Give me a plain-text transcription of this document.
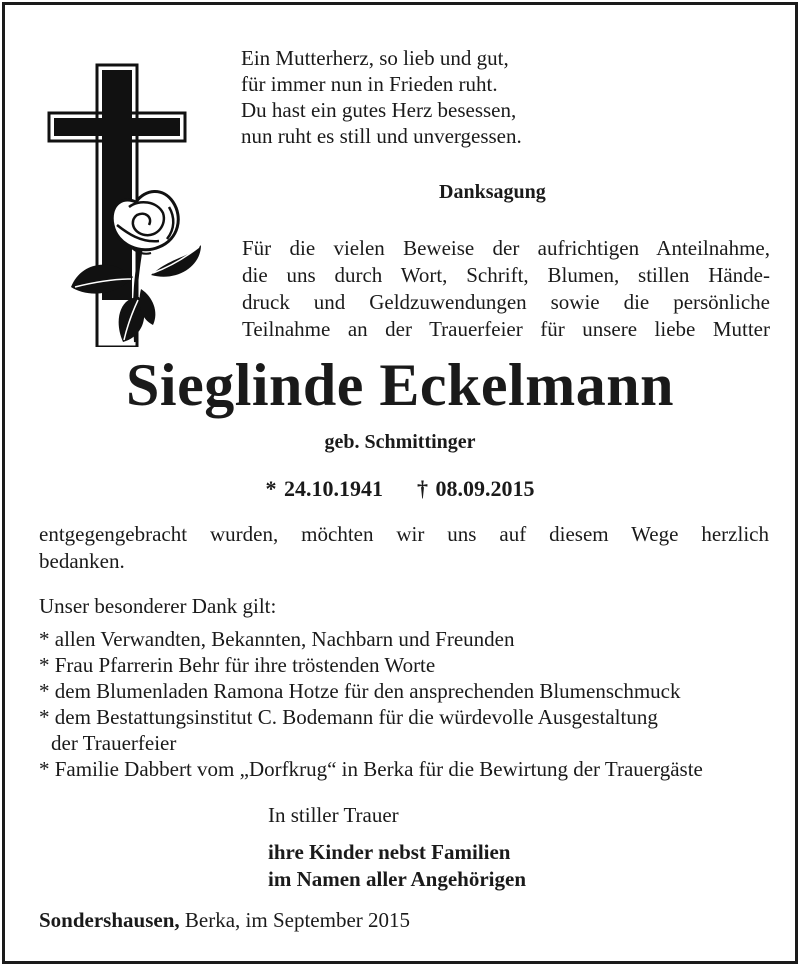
Ein Mutterherz, so lieb und gut,
für immer nun in Frieden ruht.
Du hast ein gutes Herz besessen,
nun ruht es still und unvergessen.
Danksagung
Für die vielen Beweise der aufrichtigen Anteilnahme,
die uns durch Wort, Schrift, Blumen, stillen Hände-
druck und Geldzuwendungen sowie die persönliche
Teilnahme an der Trauerfeier für unsere liebe Mutter
Sieglinde Eckelmann
geb. Schmittinger
* 24.10.1941 † 08.09.2015
entgegengebracht wurden, möchten wir uns auf diesem Wege herzlich
bedanken.
Unser besonderer Dank gilt:
* allen Verwandten, Bekannten, Nachbarn und Freunden
* Frau Pfarrerin Behr für ihre tröstenden Worte
* dem Blumenladen Ramona Hotze für den ansprechenden Blumenschmuck
* dem Bestattungsinstitut C. Bodemann für die würdevolle Ausgestaltung
der Trauerfeier
* Familie Dabbert vom „Dorfkrug“ in Berka für die Bewirtung der Trauergäste
In stiller Trauer
ihre Kinder nebst Familien
im Namen aller Angehörigen
Sondershausen, Berka, im September 2015
